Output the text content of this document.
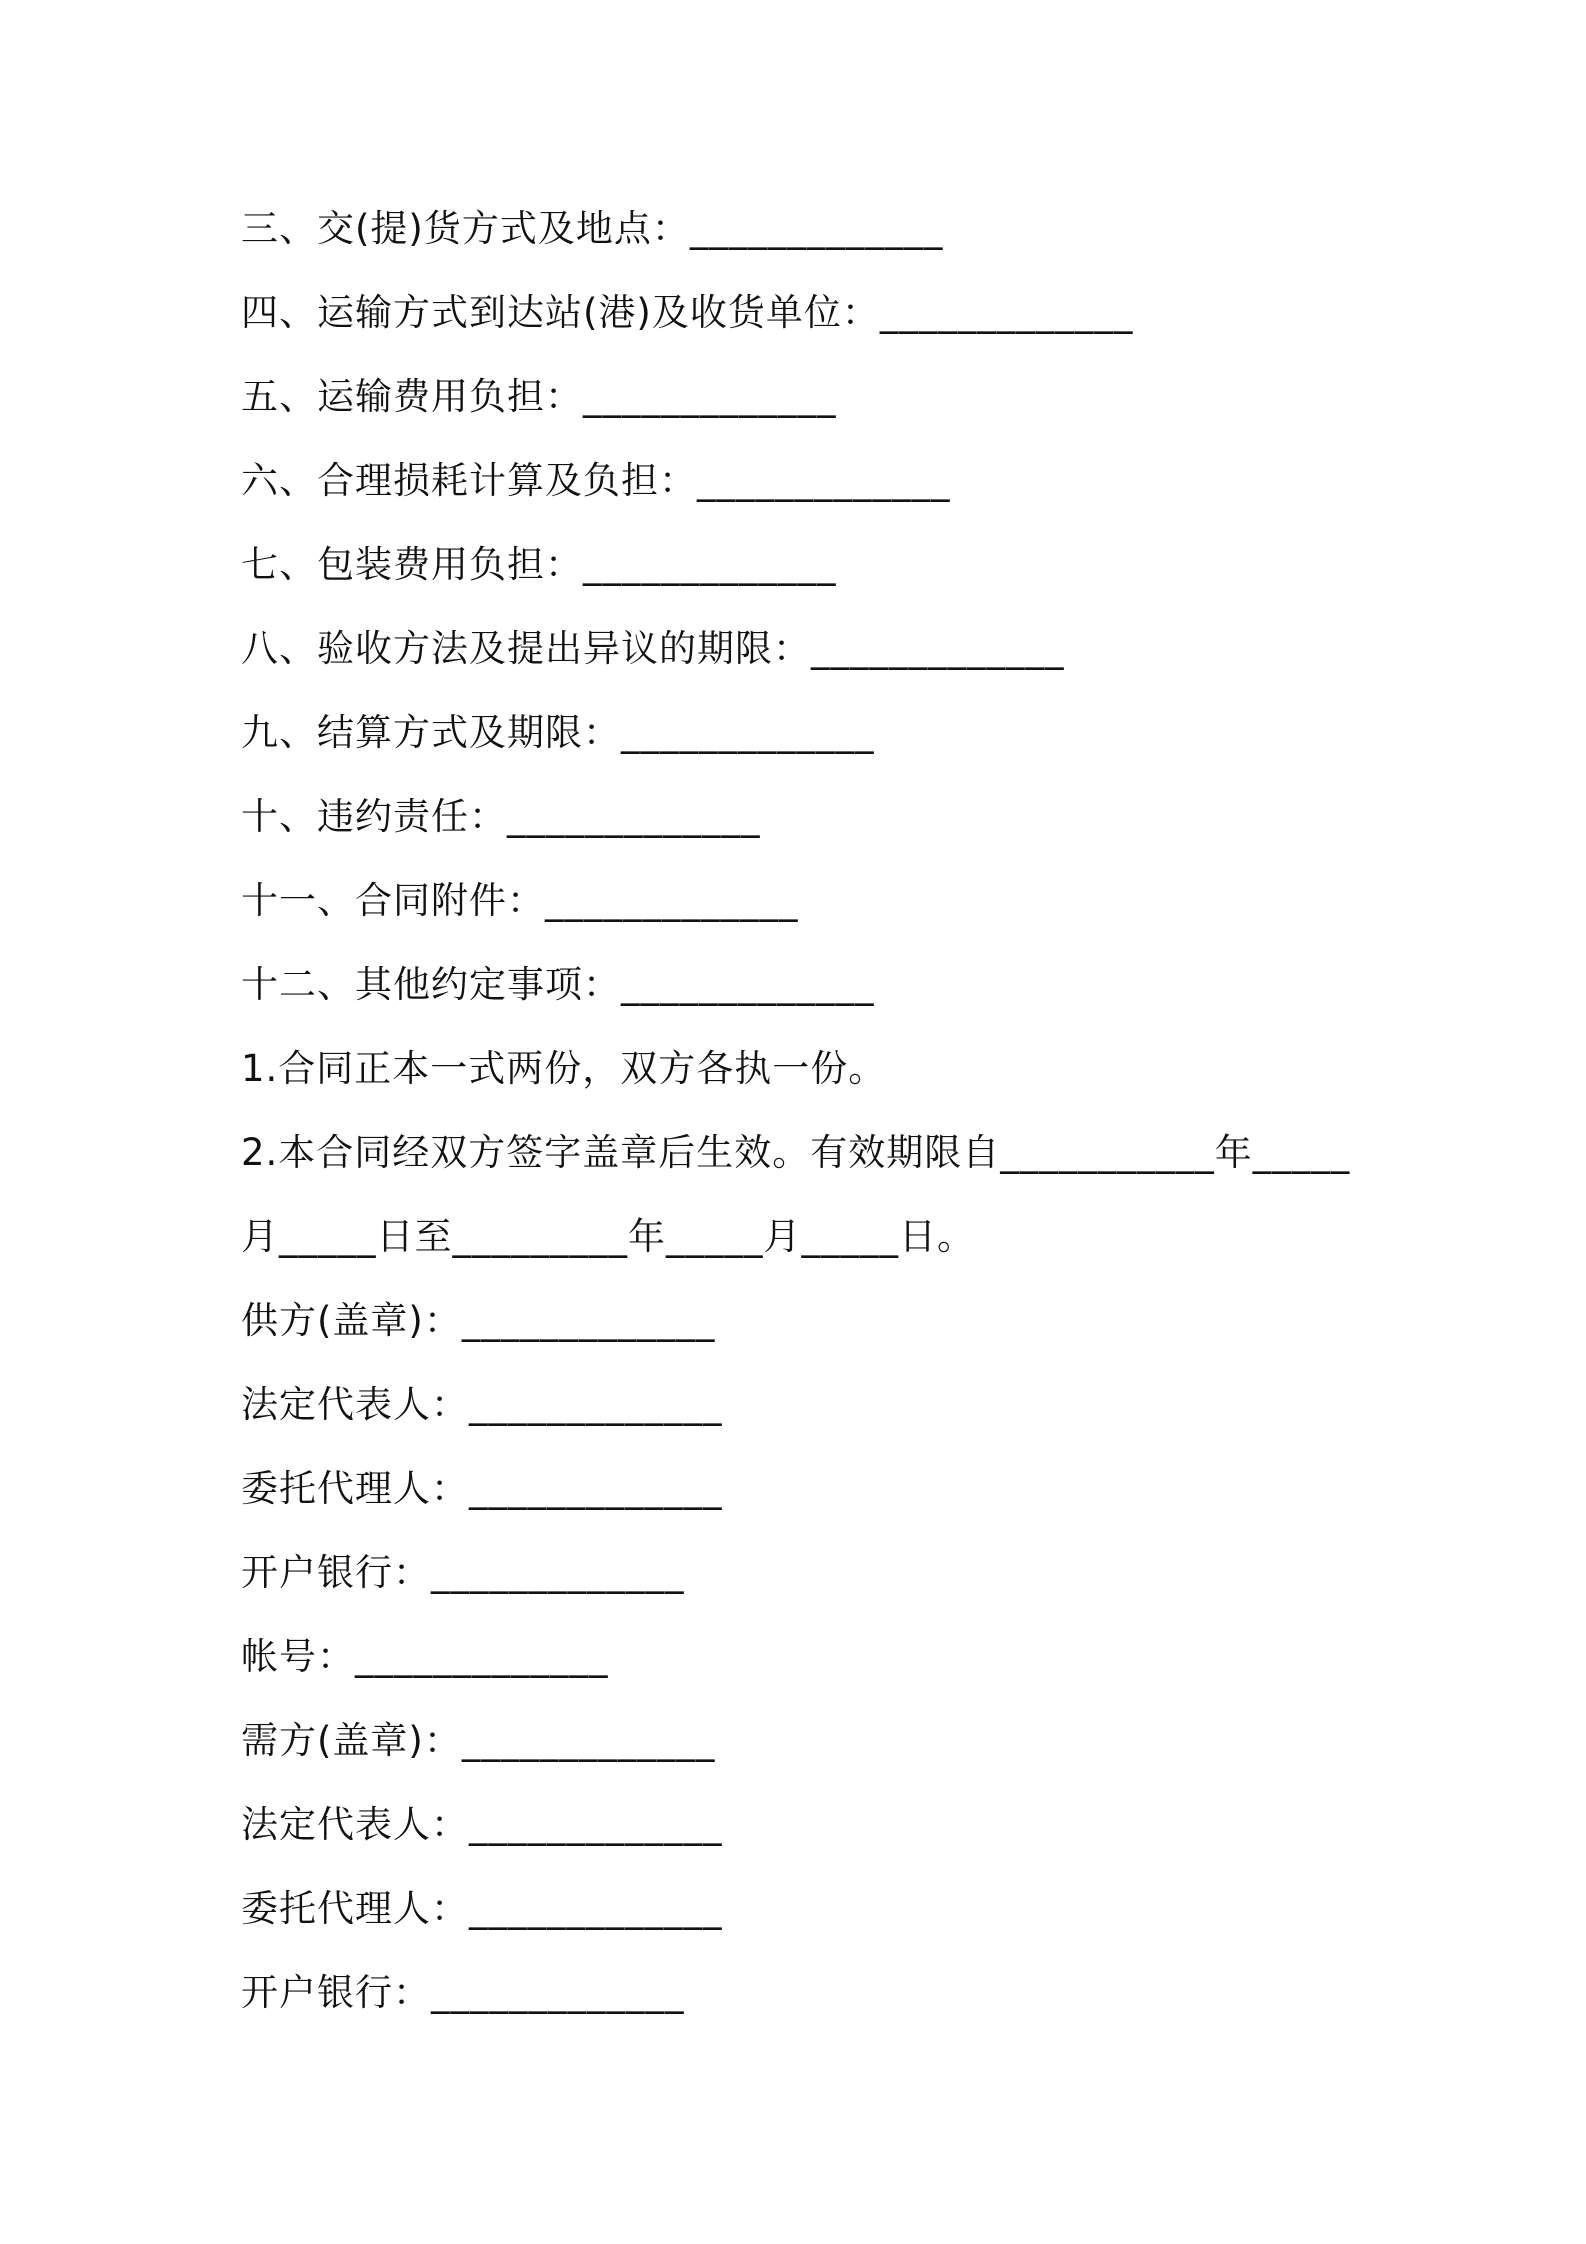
三、交(提)货方式及地点：_____________
四、运输方式到达站(港)及收货单位：_____________
五、运输费用负担：_____________
六、合理损耗计算及负担：_____________
七、包装费用负担：_____________
八、验收方法及提出异议的期限：_____________
九、结算方式及期限：_____________
十、违约责任：_____________
十一、合同附件：_____________
十二、其他约定事项：_____________
1.合同正本一式两份，双方各执一份。
2.本合同经双方签字盖章后生效。有效期限自___________年_____
月_____日至_________年_____月_____日。
供方(盖章)：_____________
法定代表人：_____________
委托代理人：_____________
开户银行：_____________
帐号：_____________
需方(盖章)：_____________
法定代表人：_____________
委托代理人：_____________
开户银行：_____________
